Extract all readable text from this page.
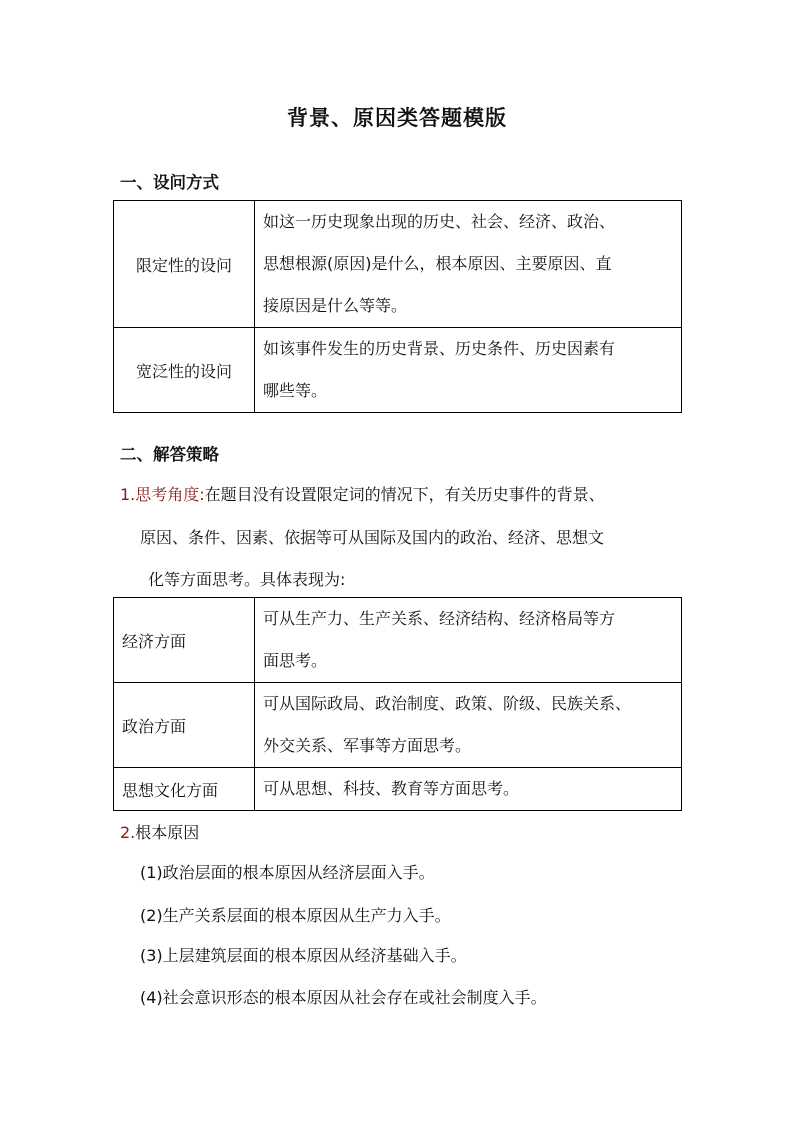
背景、原因类答题模版
一、设问方式
限定性的设问	如这一历史现象出现的历史、社会、经济、政治、
思想根源(原因)是什么，根本原因、主要原因、直
接原因是什么等等。

宽泛性的设问	如该事件发生的历史背景、历史条件、历史因素有
哪些等。
二、解答策略
1.思考角度:在题目没有设置限定词的情况下，有关历史事件的背景、
原因、条件、因素、依据等可从国际及国内的政治、经济、思想文
化等方面思考。具体表现为:
经济方面	可从生产力、生产关系、经济结构、经济格局等方
面思考。

政治方面	可从国际政局、政治制度、政策、阶级、民族关系、
外交关系、军事等方面思考。

思想文化方面	可从思想、科技、教育等方面思考。
2.根本原因
(1)政治层面的根本原因从经济层面入手。
(2)生产关系层面的根本原因从生产力入手。
(3)上层建筑层面的根本原因从经济基础入手。
(4)社会意识形态的根本原因从社会存在或社会制度入手。
